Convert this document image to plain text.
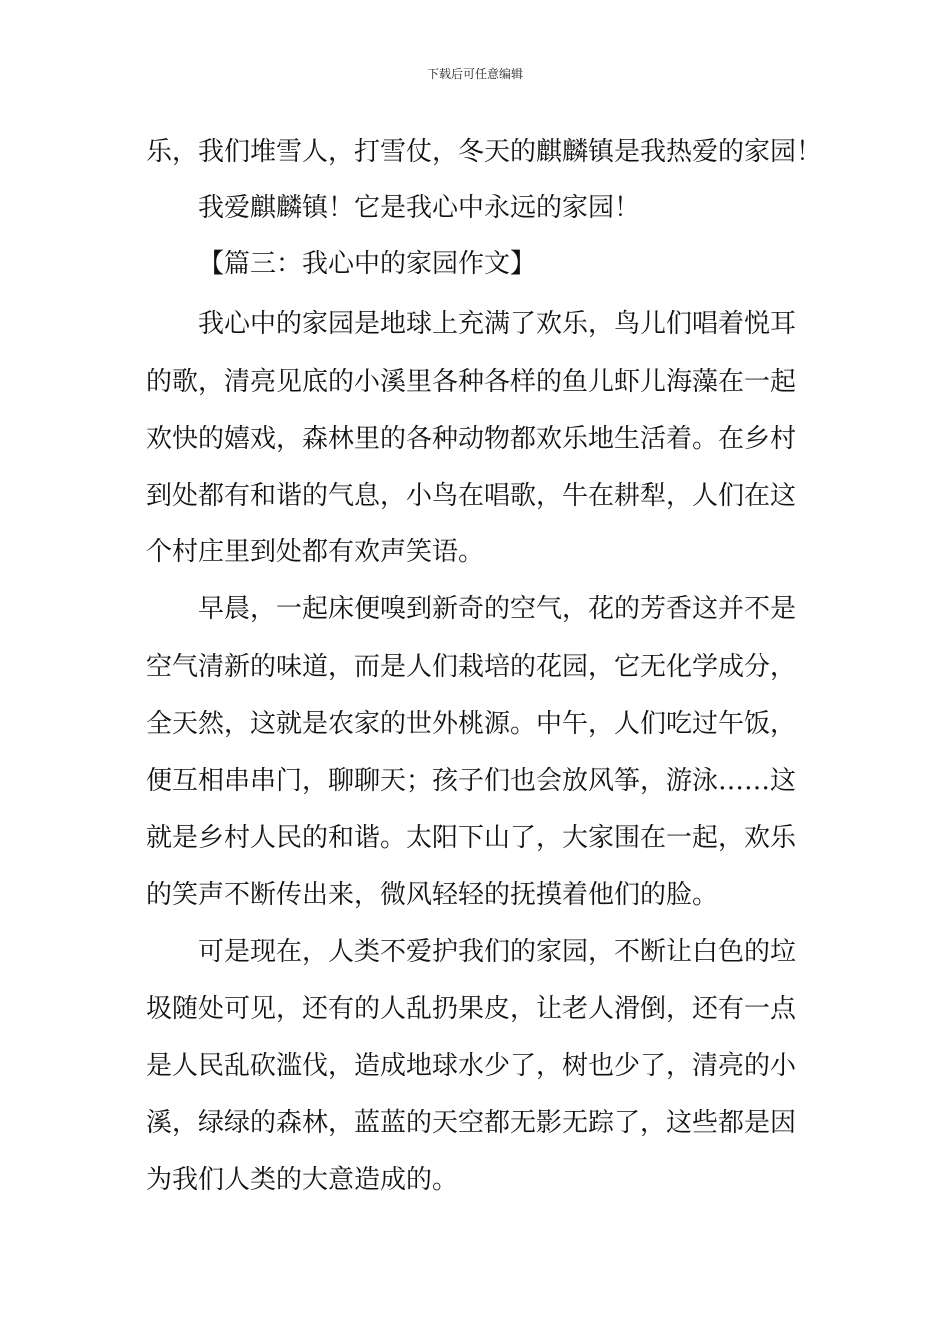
下载后可任意编辑
乐，我们堆雪人，打雪仗，冬天的麒麟镇是我热爱的家园！
我爱麒麟镇！它是我心中永远的家园！
【篇三：我心中的家园作文】
我心中的家园是地球上充满了欢乐，鸟儿们唱着悦耳
的歌，清亮见底的小溪里各种各样的鱼儿虾儿海藻在一起
欢快的嬉戏，森林里的各种动物都欢乐地生活着。在乡村
到处都有和谐的气息，小鸟在唱歌，牛在耕犁，人们在这
个村庄里到处都有欢声笑语。
早晨，一起床便嗅到新奇的空气，花的芳香这并不是
空气清新的味道，而是人们栽培的花园，它无化学成分，
全天然，这就是农家的世外桃源。中午，人们吃过午饭，
便互相串串门，聊聊天；孩子们也会放风筝，游泳……这
就是乡村人民的和谐。太阳下山了，大家围在一起，欢乐
的笑声不断传出来，微风轻轻的抚摸着他们的脸。
可是现在，人类不爱护我们的家园，不断让白色的垃
圾随处可见，还有的人乱扔果皮，让老人滑倒，还有一点
是人民乱砍滥伐，造成地球水少了，树也少了，清亮的小
溪，绿绿的森林，蓝蓝的天空都无影无踪了，这些都是因
为我们人类的大意造成的。
